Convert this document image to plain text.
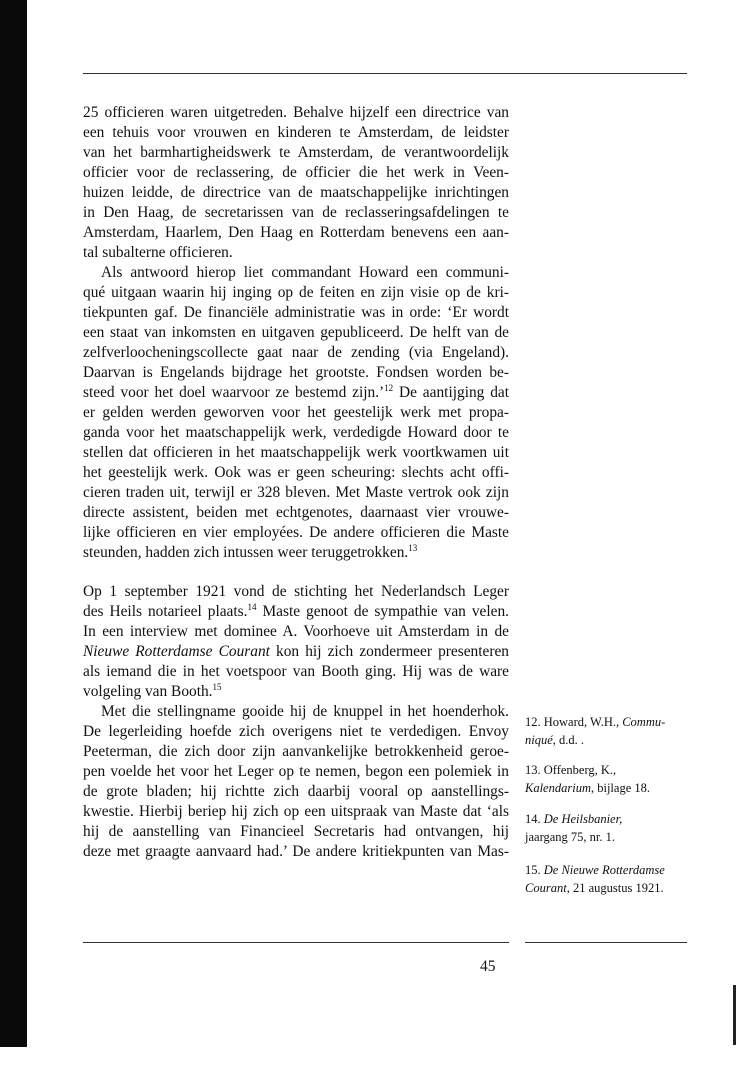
25 officieren waren uitgetreden. Behalve hijzelf een directrice van
een tehuis voor vrouwen en kinderen te Amsterdam, de leidster
van het barmhartigheidswerk te Amsterdam, de verantwoordelijk
officier voor de reclassering, de officier die het werk in Veen-
huizen leidde, de directrice van de maatschappelijke inrichtingen
in Den Haag, de secretarissen van de reclasseringsafdelingen te
Amsterdam, Haarlem, Den Haag en Rotterdam benevens een aan-
tal subalterne officieren.
Als antwoord hierop liet commandant Howard een communi-
qué uitgaan waarin hij inging op de feiten en zijn visie op de kri-
tiekpunten gaf. De financiële administratie was in orde: ‘Er wordt
een staat van inkomsten en uitgaven gepubliceerd. De helft van de
zelfverloocheningscollecte gaat naar de zending (via Engeland).
Daarvan is Engelands bijdrage het grootste. Fondsen worden be-
steed voor het doel waarvoor ze bestemd zijn.’$^{12}$ De aantijging dat
er gelden werden geworven voor het geestelijk werk met propa-
ganda voor het maatschappelijk werk, verdedigde Howard door te
stellen dat officieren in het maatschappelijk werk voortkwamen uit
het geestelijk werk. Ook was er geen scheuring: slechts acht offi-
cieren traden uit, terwijl er 328 bleven. Met Maste vertrok ook zijn
directe assistent, beiden met echtgenotes, daarnaast vier vrouwe-
lijke officieren en vier employées. De andere officieren die Maste
steunden, hadden zich intussen weer teruggetrokken.$^{13}$
Op 1 september 1921 vond de stichting het Nederlandsch Leger
des Heils notarieel plaats.$^{14}$ Maste genoot de sympathie van velen.
In een interview met dominee A. Voorhoeve uit Amsterdam in de
Nieuwe Rotterdamse Courant kon hij zich zondermeer presenteren
als iemand die in het voetspoor van Booth ging. Hij was de ware
volgeling van Booth.$^{15}$
Met die stellingname gooide hij de knuppel in het hoenderhok.
De legerleiding hoefde zich overigens niet te verdedigen. Envoy
Peeterman, die zich door zijn aanvankelijke betrokkenheid geroe-
pen voelde het voor het Leger op te nemen, begon een polemiek in
de grote bladen; hij richtte zich daarbij vooral op aanstellings-
kwestie. Hierbij beriep hij zich op een uitspraak van Maste dat ‘als
hij de aanstelling van Financieel Secretaris had ontvangen, hij
deze met graagte aanvaard had.’ De andere kritiekpunten van Mas-
12. Howard, W.H., Commu-
niqué, d.d. .
13. Offenberg, K.,
Kalendarium, bijlage 18.
14. De Heilsbanier,
jaargang 75, nr. 1.
15. De Nieuwe Rotterdamse
Courant, 21 augustus 1921.
45
